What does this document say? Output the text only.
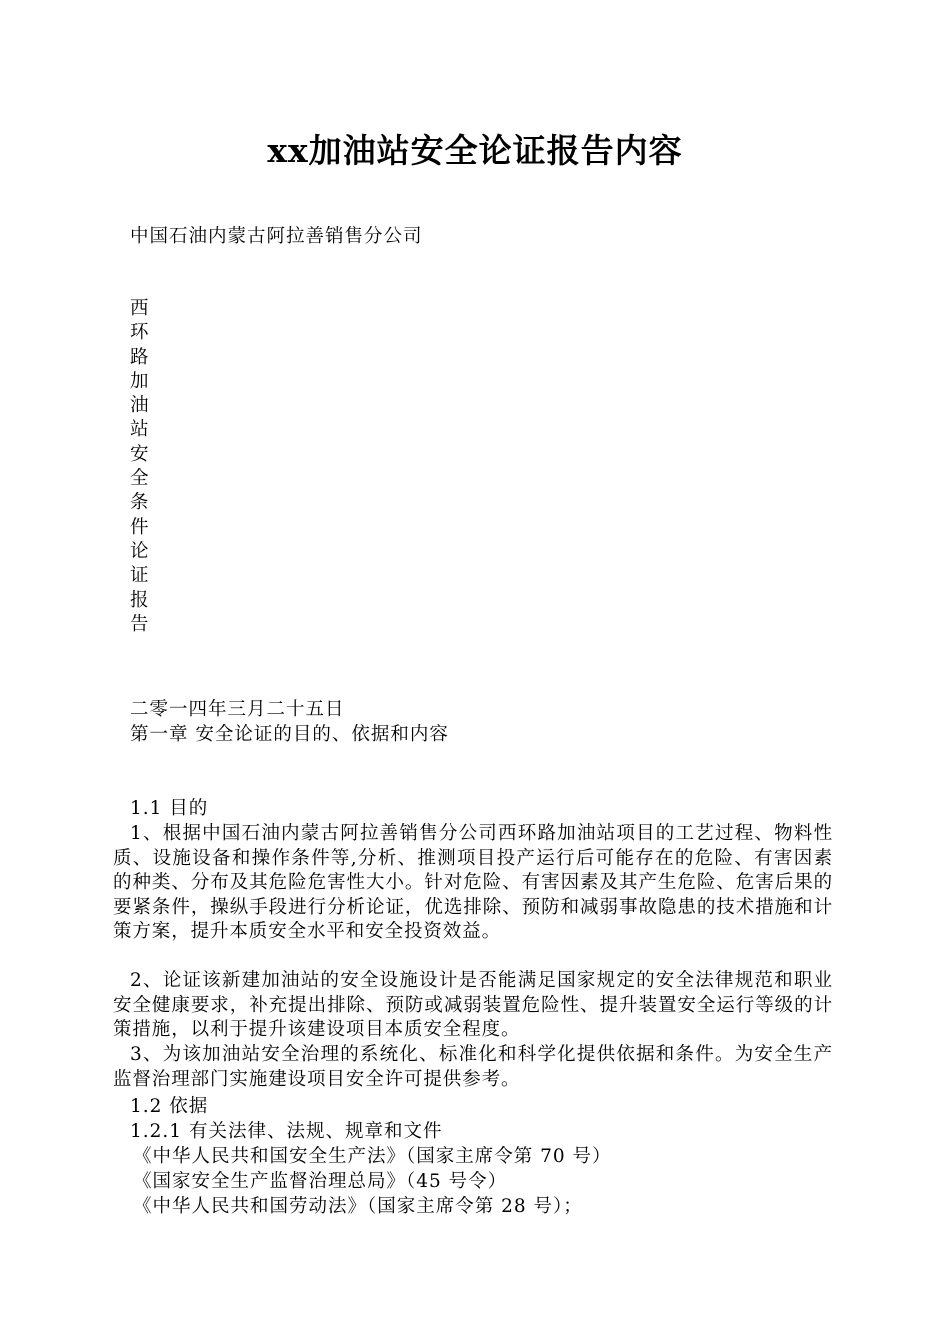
xx加油站安全论证报告内容
中国石油内蒙古阿拉善销售分公司
西
环
路
加
油
站
安
全
条
件
论
证
报
告
二零一四年三月二十五日
第一章 安全论证的目的、依据和内容
1.1 目的
1、根据中国石油内蒙古阿拉善销售分公司西环路加油站项目的工艺过程、物料性质、设施设备和操作条件等,分析、推测项目投产运行后可能存在的危险、有害因素的种类、分布及其危险危害性大小。针对危险、有害因素及其产生危险、危害后果的要紧条件，操纵手段进行分析论证，优选排除、预防和减弱事故隐患的技术措施和计策方案，提升本质安全水平和安全投资效益。
2、论证该新建加油站的安全设施设计是否能满足国家规定的安全法律规范和职业安全健康要求，补充提出排除、预防或减弱装置危险性、提升装置安全运行等级的计策措施，以利于提升该建设项目本质安全程度。
3、为该加油站安全治理的系统化、标准化和科学化提供依据和条件。为安全生产监督治理部门实施建设项目安全许可提供参考。
1.2 依据
1.2.1 有关法律、法规、规章和文件
《中华人民共和国安全生产法》（国家主席令第 70 号）
《国家安全生产监督治理总局》（45 号令）
《中华人民共和国劳动法》（国家主席令第 28 号）；
